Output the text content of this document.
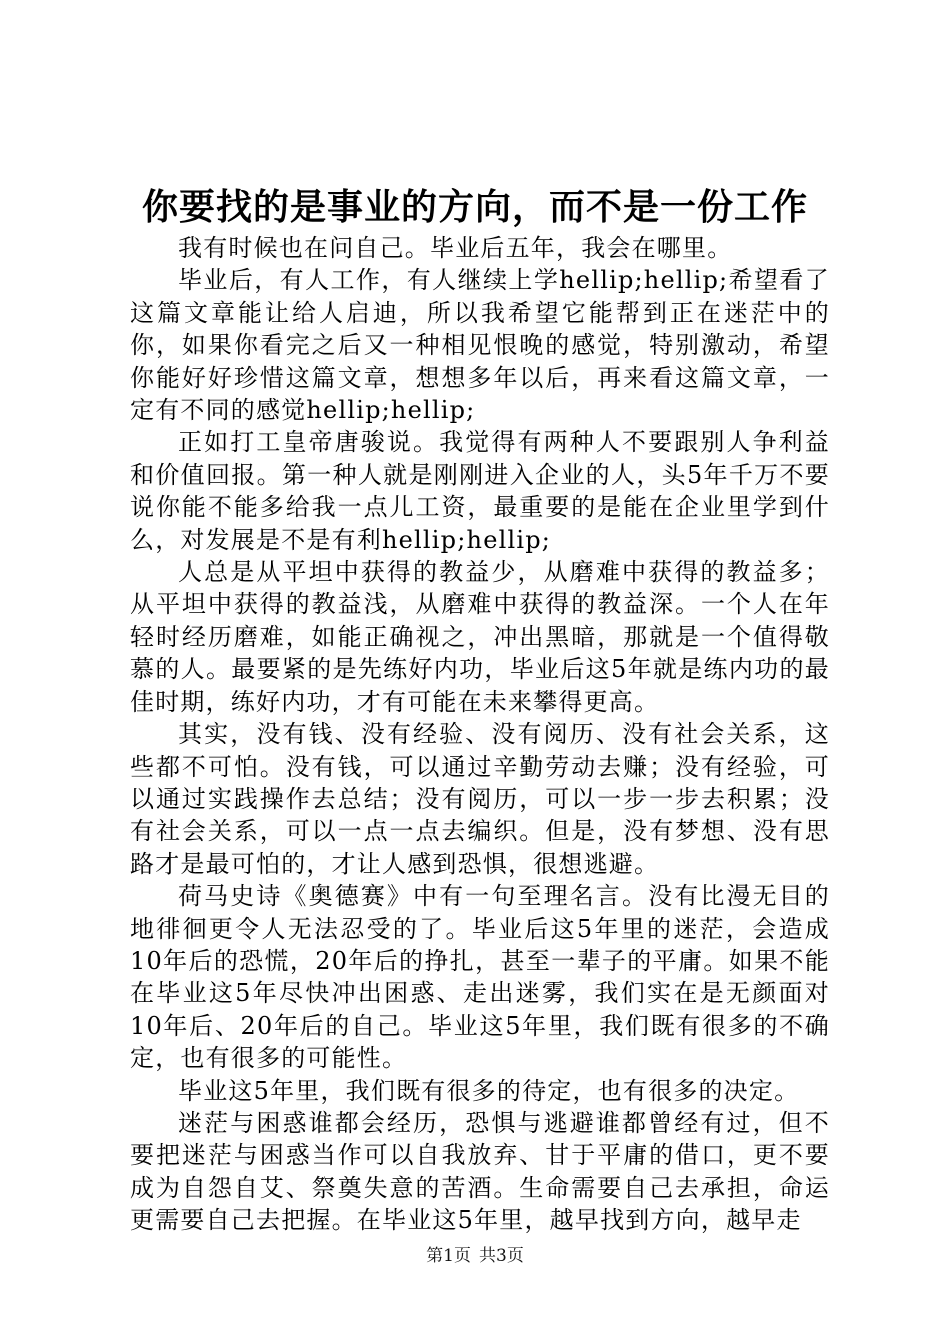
你要找的是事业的方向，而不是一份工作

我有时候也在问自己。毕业后五年，我会在哪里。

毕业后，有人工作，有人继续上学hellip;hellip;希望看了这篇文章能让给人启迪，所以我希望它能帮到正在迷茫中的你，如果你看完之后又一种相见恨晚的感觉，特别激动，希望你能好好珍惜这篇文章，想想多年以后，再来看这篇文章，一定有不同的感觉hellip;hellip;

正如打工皇帝唐骏说。我觉得有两种人不要跟别人争利益和价值回报。第一种人就是刚刚进入企业的人，头5年千万不要说你能不能多给我一点儿工资，最重要的是能在企业里学到什么，对发展是不是有利hellip;hellip;

人总是从平坦中获得的教益少，从磨难中获得的教益多；从平坦中获得的教益浅，从磨难中获得的教益深。一个人在年轻时经历磨难，如能正确视之，冲出黑暗，那就是一个值得敬慕的人。最要紧的是先练好内功，毕业后这5年就是练内功的最佳时期，练好内功，才有可能在未来攀得更高。

其实，没有钱、没有经验、没有阅历、没有社会关系，这些都不可怕。没有钱，可以通过辛勤劳动去赚；没有经验，可以通过实践操作去总结；没有阅历，可以一步一步去积累；没有社会关系，可以一点一点去编织。但是，没有梦想、没有思路才是最可怕的，才让人感到恐惧，很想逃避。

荷马史诗《奥德赛》中有一句至理名言。没有比漫无目的地徘徊更令人无法忍受的了。毕业后这5年里的迷茫，会造成10年后的恐慌，20年后的挣扎，甚至一辈子的平庸。如果不能在毕业这5年尽快冲出困惑、走出迷雾，我们实在是无颜面对10年后、20年后的自己。毕业这5年里，我们既有很多的不确定，也有很多的可能性。

毕业这5年里，我们既有很多的待定，也有很多的决定。

迷茫与困惑谁都会经历，恐惧与逃避谁都曾经有过，但不要把迷茫与困惑当作可以自我放弃、甘于平庸的借口，更不要成为自怨自艾、祭奠失意的苦酒。生命需要自己去承担，命运更需要自己去把握。在毕业这5年里，越早找到方向，越早走

第1页 共3页
